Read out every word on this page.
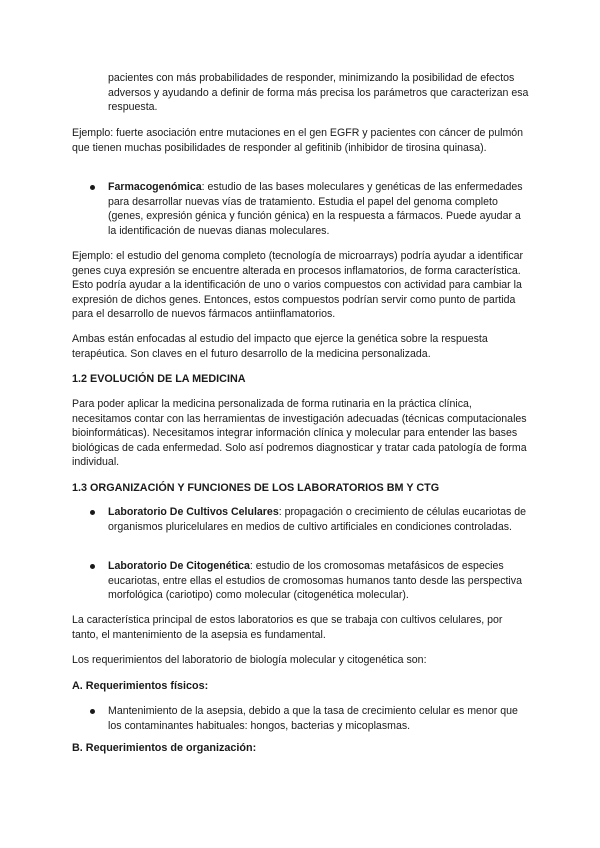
pacientes con más probabilidades de responder, minimizando la posibilidad de efectos adversos y ayudando a definir de forma más precisa los parámetros que caracterizan esa respuesta.

Ejemplo: fuerte asociación entre mutaciones en el gen EGFR y pacientes con cáncer de pulmón que tienen muchas posibilidades de responder al gefitinib (inhibidor de tirosina quinasa).

Farmacogenómica: estudio de las bases moleculares y genéticas de las enfermedades para desarrollar nuevas vías de tratamiento. Estudia el papel del genoma completo (genes, expresión génica y función génica) en la respuesta a fármacos. Puede ayudar a la identificación de nuevas dianas moleculares.

Ejemplo: el estudio del genoma completo (tecnología de microarrays) podría ayudar a identificar genes cuya expresión se encuentre alterada en procesos inflamatorios, de forma característica. Esto podría ayudar a la identificación de uno o varios compuestos con actividad para cambiar la expresión de dichos genes. Entonces, estos compuestos podrían servir como punto de partida para el desarrollo de nuevos fármacos antiinflamatorios.

Ambas están enfocadas al estudio del impacto que ejerce la genética sobre la respuesta terapéutica. Son claves en el futuro desarrollo de la medicina personalizada.

1.2 EVOLUCIÓN DE LA MEDICINA

Para poder aplicar la medicina personalizada de forma rutinaria en la práctica clínica, necesitamos contar con las herramientas de investigación adecuadas (técnicas computacionales bioinformáticas). Necesitamos integrar información clínica y molecular para entender las bases biológicas de cada enfermedad. Solo así podremos diagnosticar y tratar cada patología de forma individual.

1.3 ORGANIZACIÓN Y FUNCIONES DE LOS LABORATORIOS BM Y CTG

Laboratorio De Cultivos Celulares: propagación o crecimiento de células eucariotas de organismos pluricelulares en medios de cultivo artificiales en condiciones controladas.
Laboratorio De Citogenética: estudio de los cromosomas metafásicos de especies eucariotas, entre ellas el estudios de cromosomas humanos tanto desde las perspectiva morfológica (cariotipo) como molecular (citogenética molecular).

La característica principal de estos laboratorios es que se trabaja con cultivos celulares, por tanto, el mantenimiento de la asepsia es fundamental.

Los requerimientos del laboratorio de biología molecular y citogenética son:

A. Requerimientos físicos:

Mantenimiento de la asepsia, debido a que la tasa de crecimiento celular es menor que los contaminantes habituales: hongos, bacterias y micoplasmas.

B. Requerimientos de organización:
